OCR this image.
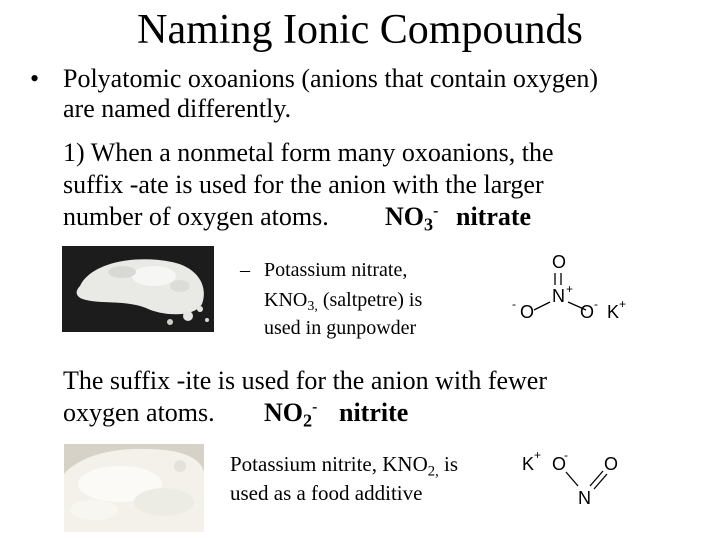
Naming Ionic Compounds
• Polyatomic oxoanions (anions that contain oxygen)
are named differently.
1) When a nonmetal form many oxoanions, the
suffix -ate is used for the anion with the larger
number of oxygen atoms. $NO_3^-$ nitrate
– Potassium nitrate,
$KNO_{3,}$ (saltpetre) is
used in gunpowder
O
N +
- O	O - K +
The suffix -ite is used for the anion with fewer
oxygen atoms. $NO_2^-$ nitrite
Potassium nitrite, $KNO_{2,}$ is
used as a food additive
K + O
- O
N
